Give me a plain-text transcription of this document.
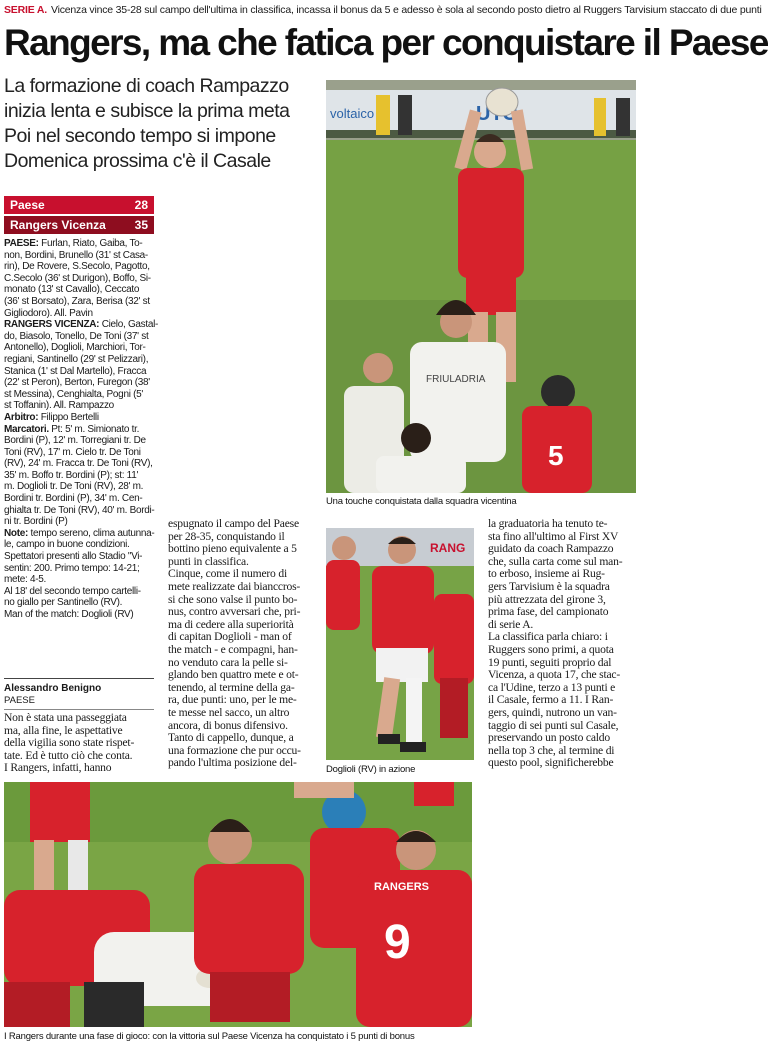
SERIE A. Vicenza vince 35-28 sul campo dell'ultima in classifica, incassa il bonus da 5 e adesso è sola al secondo posto dietro al Ruggers Tarvisium staccato di due punti
Rangers, ma che fatica per conquistare il Paese
La formazione di coach Rampazzo
inizia lenta e subisce la prima meta
Poi nel secondo tempo si impone
Domenica prossima c'è il Casale
Paese	28
Rangers Vicenza 35
PAESE: Furlan, Riato, Gaiba, To-
non, Bordini, Brunello (31' st Casa-
rin), De Rovere, S.Secolo, Pagotto,
C.Secolo (36' st Durigon), Boffo, Si-
monato (13' st Cavallo), Ceccato
(36' st Borsato), Zara, Berisa (32' st
Gigliodoro). All. Pavin
RANGERS VICENZA: Cielo, Gastal-
do, Biasolo, Tonello, De Toni (37' st
Antonello), Doglioli, Marchiori, Tor-
regiani, Santinello (29' st Pelizzari),
Stanica (1' st Dal Martello), Fracca
(22' st Peron), Berton, Furegon (38'
st Messina), Cenghialta, Pogni (5'
st Toffanin). All. Rampazzo
Arbitro: Filippo Bertelli
Marcatori. Pt: 5' m. Simionato tr.
Bordini (P), 12' m. Torregiani tr. De
Toni (RV), 17' m. Cielo tr. De Toni
(RV), 24' m. Fracca tr. De Toni (RV),
35' m. Boffo tr. Bordini (P); st: 11'
m. Doglioli tr. De Toni (RV), 28' m.
Bordini tr. Bordini (P), 34' m. Cen-
ghialta tr. De Toni (RV), 40' m. Bordi-
ni tr. Bordini (P)
Note: tempo sereno, clima autunna-
le, campo in buone condizioni.
Spettatori presenti allo Stadio "Vi-
sentin: 200. Primo tempo: 14-21;
mete: 4-5.
Al 18' del secondo tempo cartelli-
no giallo per Santinello (RV).
Man of the match: Doglioli (RV)
Alessandro Benigno
PAESE
Non è stata una passeggiata
ma, alla fine, le aspettative
della vigilia sono state rispet-
tate. Ed è tutto ciò che conta.
I Rangers, infatti, hanno
espugnato il campo del Paese
per 28-35, conquistando il
bottino pieno equivalente a 5
punti in classifica.
Cinque, come il numero di
mete realizzate dai bianccros-
si che sono valse il punto bo-
nus, contro avversari che, pri-
ma di cedere alla superiorità
di capitan Doglioli - man of
the match - e compagni, han-
no venduto cara la pelle si-
glando ben quattro mete e ot-
tenendo, al termine della ga-
ra, due punti: uno, per le me-
te messe nel sacco, un altro
ancora, di bonus difensivo.
Tanto di cappello, dunque, a
una formazione che pur occu-
pando l'ultima posizione del-
la graduatoria ha tenuto te-
sta fino all'ultimo al First XV
guidato da coach Rampazzo
che, sulla carta come sul man-
to erboso, insieme ai Rug-
gers Tarvisium è la squadra
più attrezzata del girone 3,
prima fase, del campionato
di serie A.
La classifica parla chiaro: i
Ruggers sono primi, a quota
19 punti, seguiti proprio dal
Vicenza, a quota 17, che stac-
ca l'Udine, terzo a 13 punti e
il Casale, fermo a 11. I Ran-
gers, quindi, nutrono un van-
taggio di sei punti sul Casale,
preservando un posto caldo
nella top 3 che, al termine di
questo pool, significherebbe
voltaico
FRIULADRIA
5
Una touche conquistata dalla squadra vicentina
RANG
Doglioli (RV) in azione
RANGERS
9
I Rangers durante una fase di gioco: con la vittoria sul Paese Vicenza ha conquistato i 5 punti di bonus
